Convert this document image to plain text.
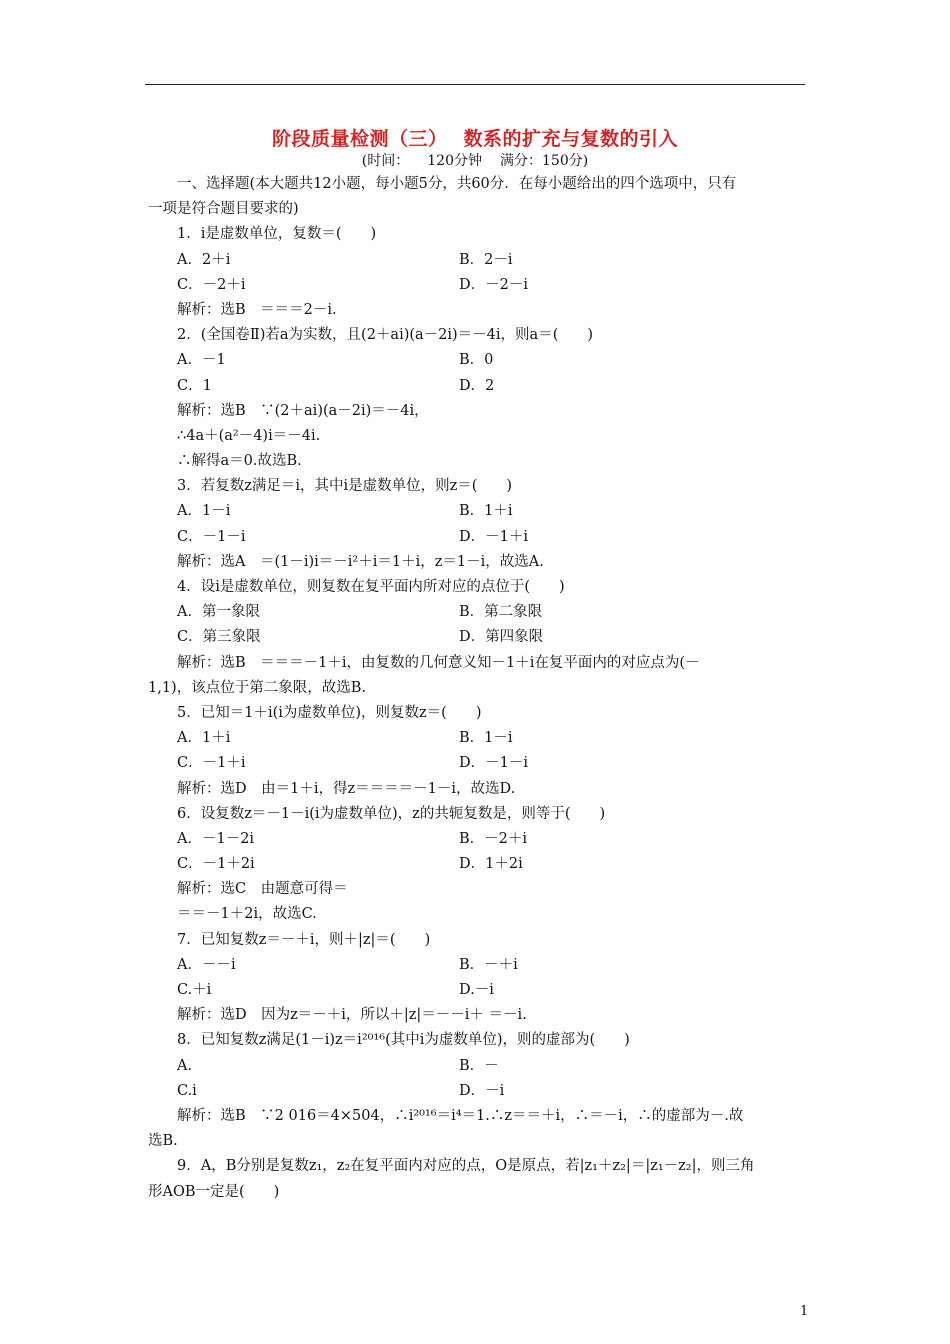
阶段质量检测（三） 数系的扩充与复数的引入
(时间： 120分钟 满分：150分)
一、选择题(本大题共12小题，每小题5分，共60分．在每小题给出的四个选项中，只有
一项是符合题目要求的)
1．i是虚数单位，复数＝(　　)
A．2＋i	B．2－i
C．－2＋i	D．－2－i
解析：选B　＝＝＝2－i.
2．(全国卷Ⅱ)若a为实数，且(2＋ai)(a－2i)＝－4i，则a＝(　　)
A．－1	B．0
C．1	D．2
解析：选B　∵(2＋ai)(a－2i)＝－4i，
∴4a＋(a²－4)i＝－4i.
∴解得a＝0.故选B.
3．若复数z满足＝i，其中i是虚数单位，则z＝(　　)
A．1－i	B．1＋i
C．－1－i	D．－1＋i
解析：选A　＝(1－i)i＝－i²＋i＝1＋i，z＝1－i，故选A.
4．设i是虚数单位，则复数在复平面内所对应的点位于(　　)
A．第一象限	B．第二象限
C．第三象限	D．第四象限
解析：选B　＝＝＝－1＋i，由复数的几何意义知－1＋i在复平面内的对应点为(－
1,1)，该点位于第二象限，故选B.
5．已知＝1＋i(i为虚数单位)，则复数z＝(　　)
A．1＋i	B．1－i
C．－1＋i	D．－1－i
解析：选D　由＝1＋i，得z＝＝＝＝－1－i，故选D.
6．设复数z＝－1－i(i为虚数单位)，z的共轭复数是，则等于(　　)
A．－1－2i	B．－2＋i
C．－1＋2i	D．1＋2i
解析：选C　由题意可得＝
＝＝－1＋2i，故选C.
7．已知复数z＝－＋i，则＋|z|＝(　　)
A．－－i	B．－＋i
C.＋i	D.－i
解析：选D　因为z＝－＋i，所以＋|z|＝－－i＋ ＝－i.
8．已知复数z满足(1－i)z＝i²⁰¹⁶(其中i为虚数单位)，则的虚部为(　　)
A.	B．－
C.i	D．－i
解析：选B　∵2 016＝4×504，∴i²⁰¹⁶＝i⁴＝1.∴z＝＝＋i，∴＝－i，∴的虚部为－.故
选B.
9．A，B分别是复数z₁，z₂在复平面内对应的点，O是原点，若|z₁＋z₂|＝|z₁－z₂|，则三角
形AOB一定是(　　)
1
